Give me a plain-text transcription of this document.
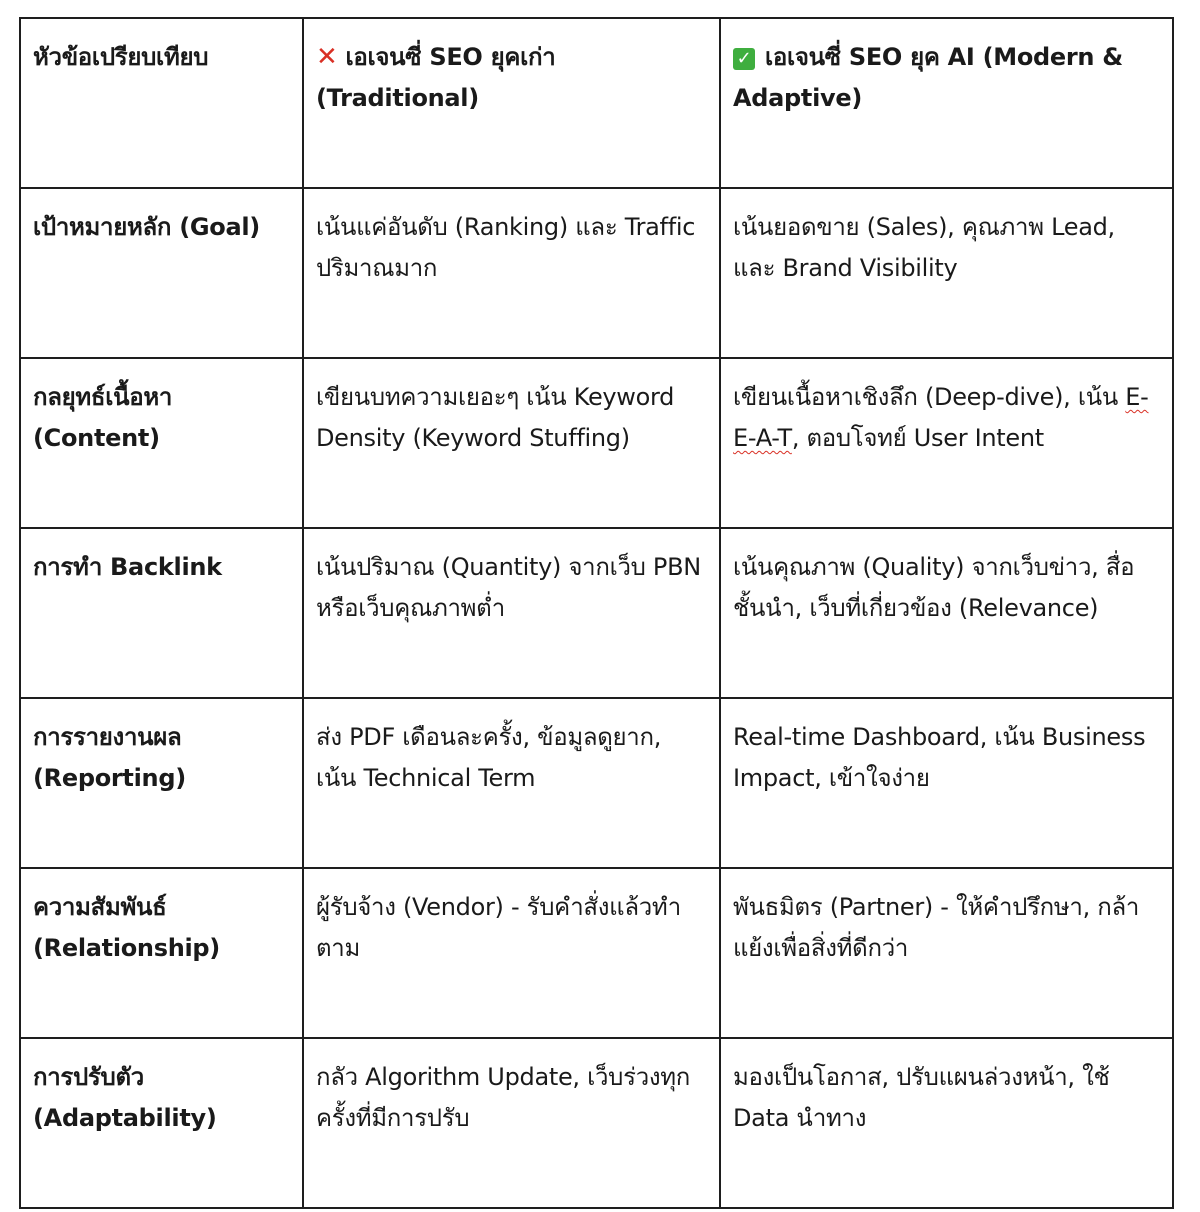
หัวข้อเปรียบเทียบ	✕ เอเจนซี่ SEO ยุคเก่า (Traditional)	✓ เอเจนซี่ SEO ยุค AI (Modern & Adaptive)
เป้าหมายหลัก (Goal)	เน้นแค่อันดับ (Ranking) และ Traffic ปริมาณมาก	เน้นยอดขาย (Sales), คุณภาพ Lead, และ Brand Visibility
กลยุทธ์เนื้อหา (Content)	เขียนบทความเยอะๆ เน้น Keyword Density (Keyword Stuffing)	เขียนเนื้อหาเชิงลึก (Deep-dive), เน้น E-E-A-T, ตอบโจทย์ User Intent
การทำ Backlink	เน้นปริมาณ (Quantity) จากเว็บ PBN หรือเว็บคุณภาพต่ำ	เน้นคุณภาพ (Quality) จากเว็บข่าว, สื่อชั้นนำ, เว็บที่เกี่ยวข้อง (Relevance)
การรายงานผล (Reporting)	ส่ง PDF เดือนละครั้ง, ข้อมูลดูยาก, เน้น Technical Term	Real-time Dashboard, เน้น Business Impact, เข้าใจง่าย
ความสัมพันธ์ (Relationship)	ผู้รับจ้าง (Vendor) - รับคำสั่งแล้วทำตาม	พันธมิตร (Partner) - ให้คำปรึกษา, กล้าแย้งเพื่อสิ่งที่ดีกว่า
การปรับตัว (Adaptability)	กลัว Algorithm Update, เว็บร่วงทุกครั้งที่มีการปรับ	มองเป็นโอกาส, ปรับแผนล่วงหน้า, ใช้ Data นำทาง
